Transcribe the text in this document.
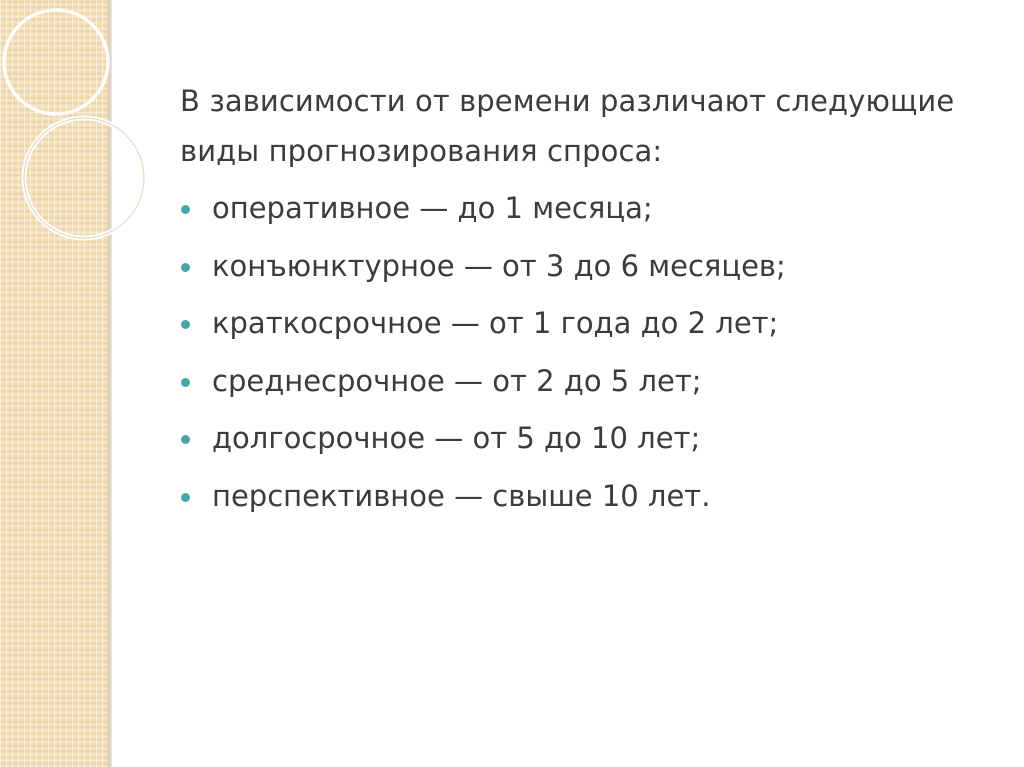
В зависимости от времени различают следующие виды прогнозирования спроса:

оперативное — до 1 месяца;
конъюнктурное — от 3 до 6 месяцев;
краткосрочное — от 1 года до 2 лет;
среднесрочное — от 2 до 5 лет;
долгосрочное — от 5 до 10 лет;
перспективное — свыше 10 лет.
